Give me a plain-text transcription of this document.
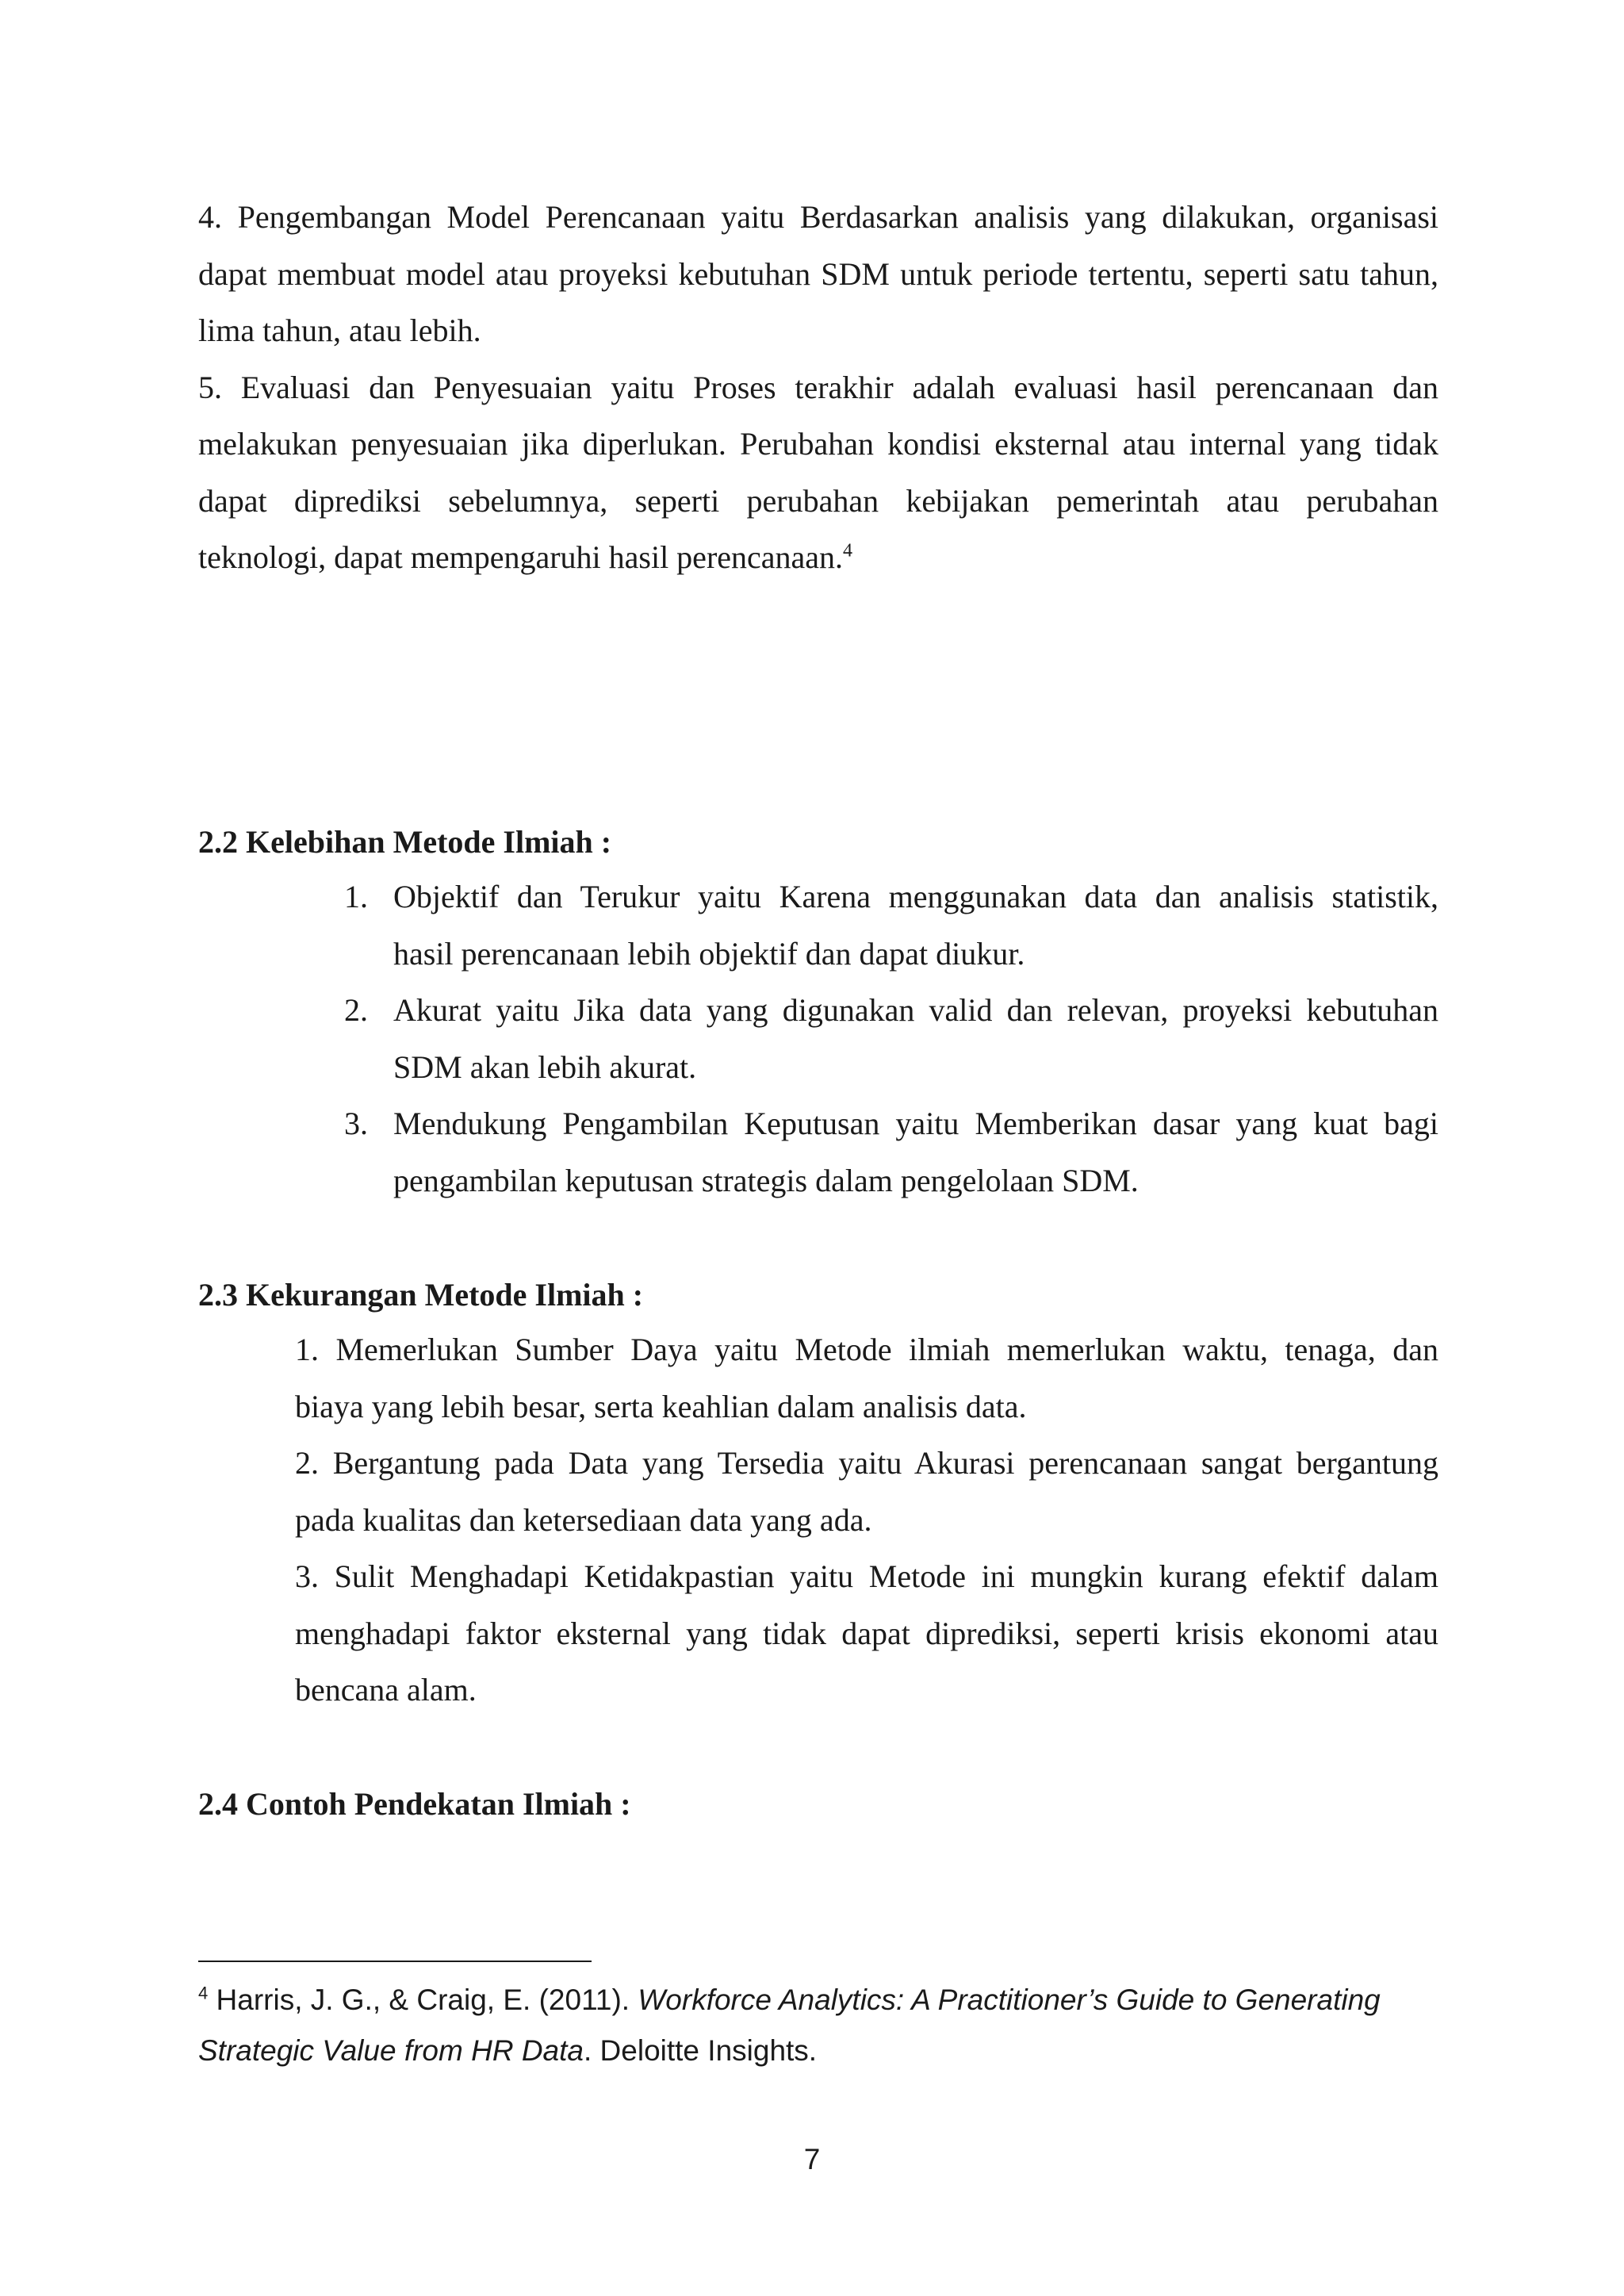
4. Pengembangan Model Perencanaan yaitu Berdasarkan analisis yang dilakukan, organisasi
dapat membuat model atau proyeksi kebutuhan SDM untuk periode tertentu, seperti satu tahun,
lima tahun, atau lebih.
5. Evaluasi dan Penyesuaian yaitu Proses terakhir adalah evaluasi hasil perencanaan dan
melakukan penyesuaian jika diperlukan. Perubahan kondisi eksternal atau internal yang tidak
dapat diprediksi sebelumnya, seperti perubahan kebijakan pemerintah atau perubahan
teknologi, dapat mempengaruhi hasil perencanaan.$^4$

2.2 Kelebihan Metode Ilmiah :
1. Objektif dan Terukur yaitu Karena menggunakan data dan analisis statistik,
hasil perencanaan lebih objektif dan dapat diukur.
2. Akurat yaitu Jika data yang digunakan valid dan relevan, proyeksi kebutuhan
SDM akan lebih akurat.
3. Mendukung Pengambilan Keputusan yaitu Memberikan dasar yang kuat bagi
pengambilan keputusan strategis dalam pengelolaan SDM.
2.3 Kekurangan Metode Ilmiah :
1. Memerlukan Sumber Daya yaitu Metode ilmiah memerlukan waktu, tenaga, dan
biaya yang lebih besar, serta keahlian dalam analisis data.
2. Bergantung pada Data yang Tersedia yaitu Akurasi perencanaan sangat bergantung
pada kualitas dan ketersediaan data yang ada.
3. Sulit Menghadapi Ketidakpastian yaitu Metode ini mungkin kurang efektif dalam
menghadapi faktor eksternal yang tidak dapat diprediksi, seperti krisis ekonomi atau
bencana alam.
2.4 Contoh Pendekatan Ilmiah :
$^4$ Harris, J. G., & Craig, E. (2011). Workforce Analytics: A Practitioner’s Guide to Generating
Strategic Value from HR Data. Deloitte Insights.
7
